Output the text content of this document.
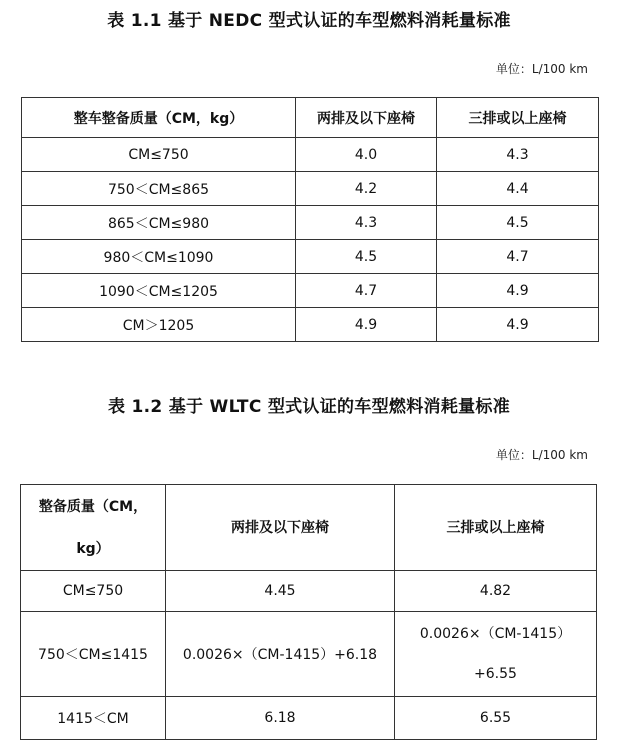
表 1.1 基于 NEDC 型式认证的车型燃料消耗量标准
单位：L/100 km
整车整备质量（CM，kg）	两排及以下座椅	三排或以上座椅
CM≤750	4.0	4.3
750＜CM≤865	4.2	4.4
865＜CM≤980	4.3	4.5
980＜CM≤1090	4.5	4.7
1090＜CM≤1205	4.7	4.9
CM＞1205	4.9	4.9
表 1.2 基于 WLTC 型式认证的车型燃料消耗量标准
单位：L/100 km
整备质量（CM，
kg）	两排及以下座椅	三排或以上座椅
CM≤750	4.45	4.82

750＜CM≤1415	0.0026×（CM-1415）+6.18	0.0026×（CM-1415）
+6.55

1415＜CM	6.18	6.55
